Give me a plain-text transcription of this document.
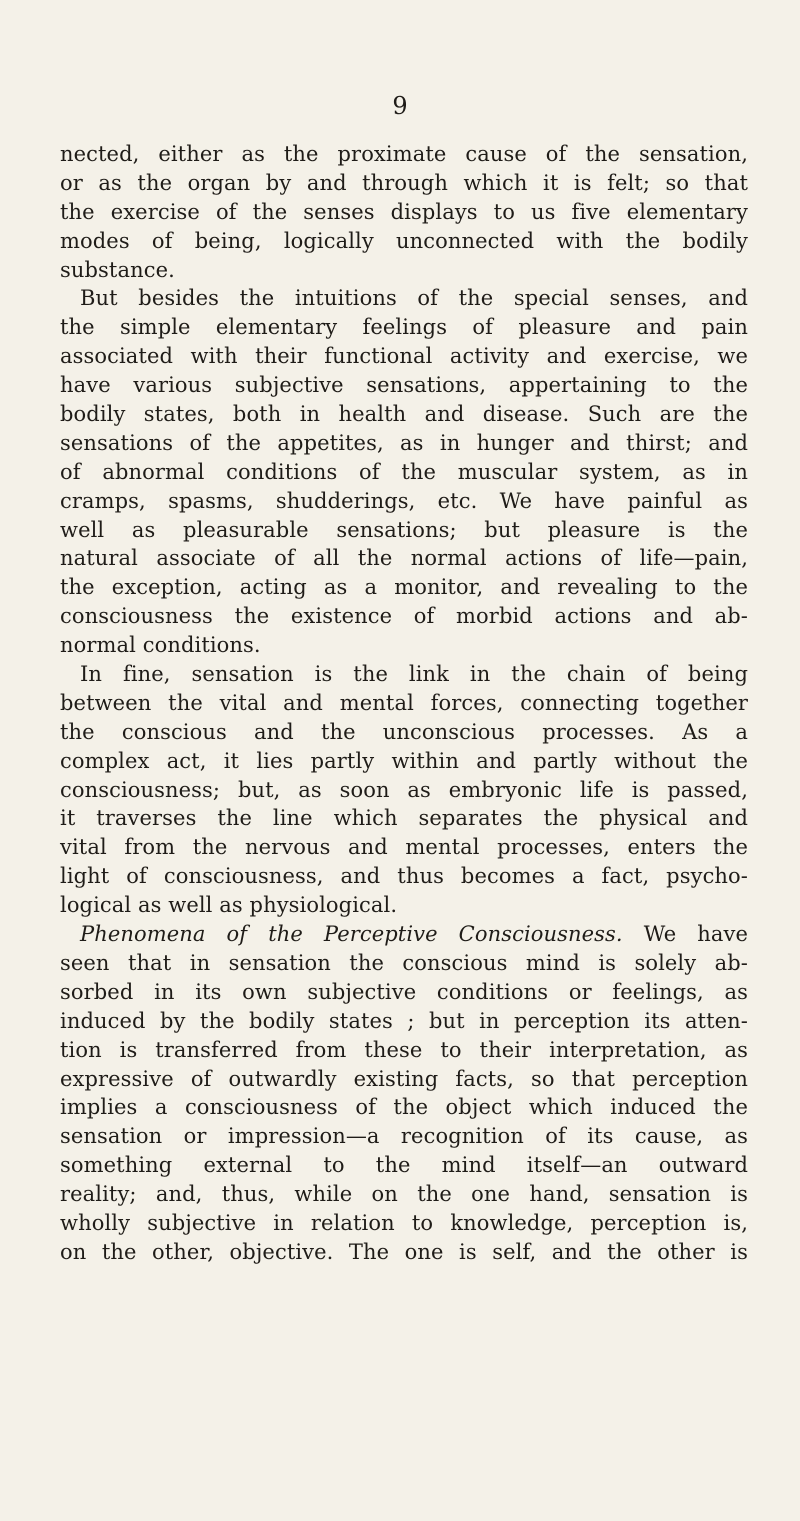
9
nected, either as the proximate cause of the sensation,
or as the organ by and through which it is felt; so that
the exercise of the senses displays to us five elementary
modes of being, logically unconnected with the bodily
substance.
But besides the intuitions of the special senses, and
the simple elementary feelings of pleasure and pain
associated with their functional activity and exercise, we
have various subjective sensations, appertaining to the
bodily states, both in health and disease. Such are the
sensations of the appetites, as in hunger and thirst; and
of abnormal conditions of the muscular system, as in
cramps, spasms, shudderings, etc. We have painful as
well as pleasurable sensations; but pleasure is the
natural associate of all the normal actions of life—pain,
the exception, acting as a monitor, and revealing to the
consciousness the existence of morbid actions and ab-
normal conditions.
In fine, sensation is the link in the chain of being
between the vital and mental forces, connecting together
the conscious and the unconscious processes. As a
complex act, it lies partly within and partly without the
consciousness; but, as soon as embryonic life is passed,
it traverses the line which separates the physical and
vital from the nervous and mental processes, enters the
light of consciousness, and thus becomes a fact, psycho-
logical as well as physiological.
Phenomena of the Perceptive Consciousness. We have
seen that in sensation the conscious mind is solely ab-
sorbed in its own subjective conditions or feelings, as
induced by the bodily states ; but in perception its atten-
tion is transferred from these to their interpretation, as
expressive of outwardly existing facts, so that perception
implies a consciousness of the object which induced the
sensation or impression—a recognition of its cause, as
something external to the mind itself—an outward
reality; and, thus, while on the one hand, sensation is
wholly subjective in relation to knowledge, perception is,
on the other, objective. The one is self, and the other is
